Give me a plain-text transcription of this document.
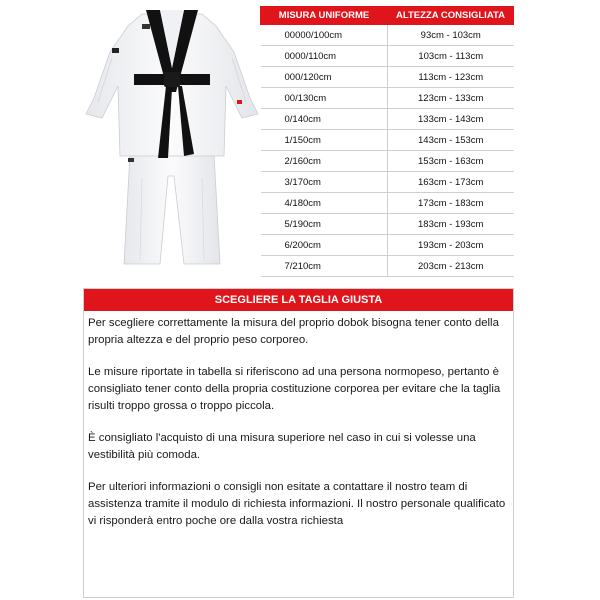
MISURA UNIFORME	ALTEZZA CONSIGLIATA
00000/100cm	93cm - 103cm
0000/110cm	103cm - 113cm
000/120cm	113cm - 123cm
00/130cm	123cm - 133cm
0/140cm	133cm - 143cm
1/150cm	143cm - 153cm
2/160cm	153cm - 163cm
3/170cm	163cm - 173cm
4/180cm	173cm - 183cm
5/190cm	183cm - 193cm
6/200cm	193cm - 203cm
7/210cm	203cm - 213cm
SCEGLIERE LA TAGLIA GIUSTA

Per scegliere correttamente la misura del proprio dobok bisogna tener conto della propria altezza e del proprio peso corporeo.

Le misure riportate in tabella si riferiscono ad una persona normopeso, pertanto è consigliato tener conto della propria costituzione corporea per evitare che la taglia risulti troppo grossa o troppo piccola.

È consigliato l'acquisto di una misura superiore nel caso in cui si volesse una vestibilità più comoda.

Per ulteriori informazioni o consigli non esitate a contattare il nostro team di assistenza tramite il modulo di richiesta informazioni. Il nostro personale qualificato vi risponderà entro poche ore dalla vostra richiesta
